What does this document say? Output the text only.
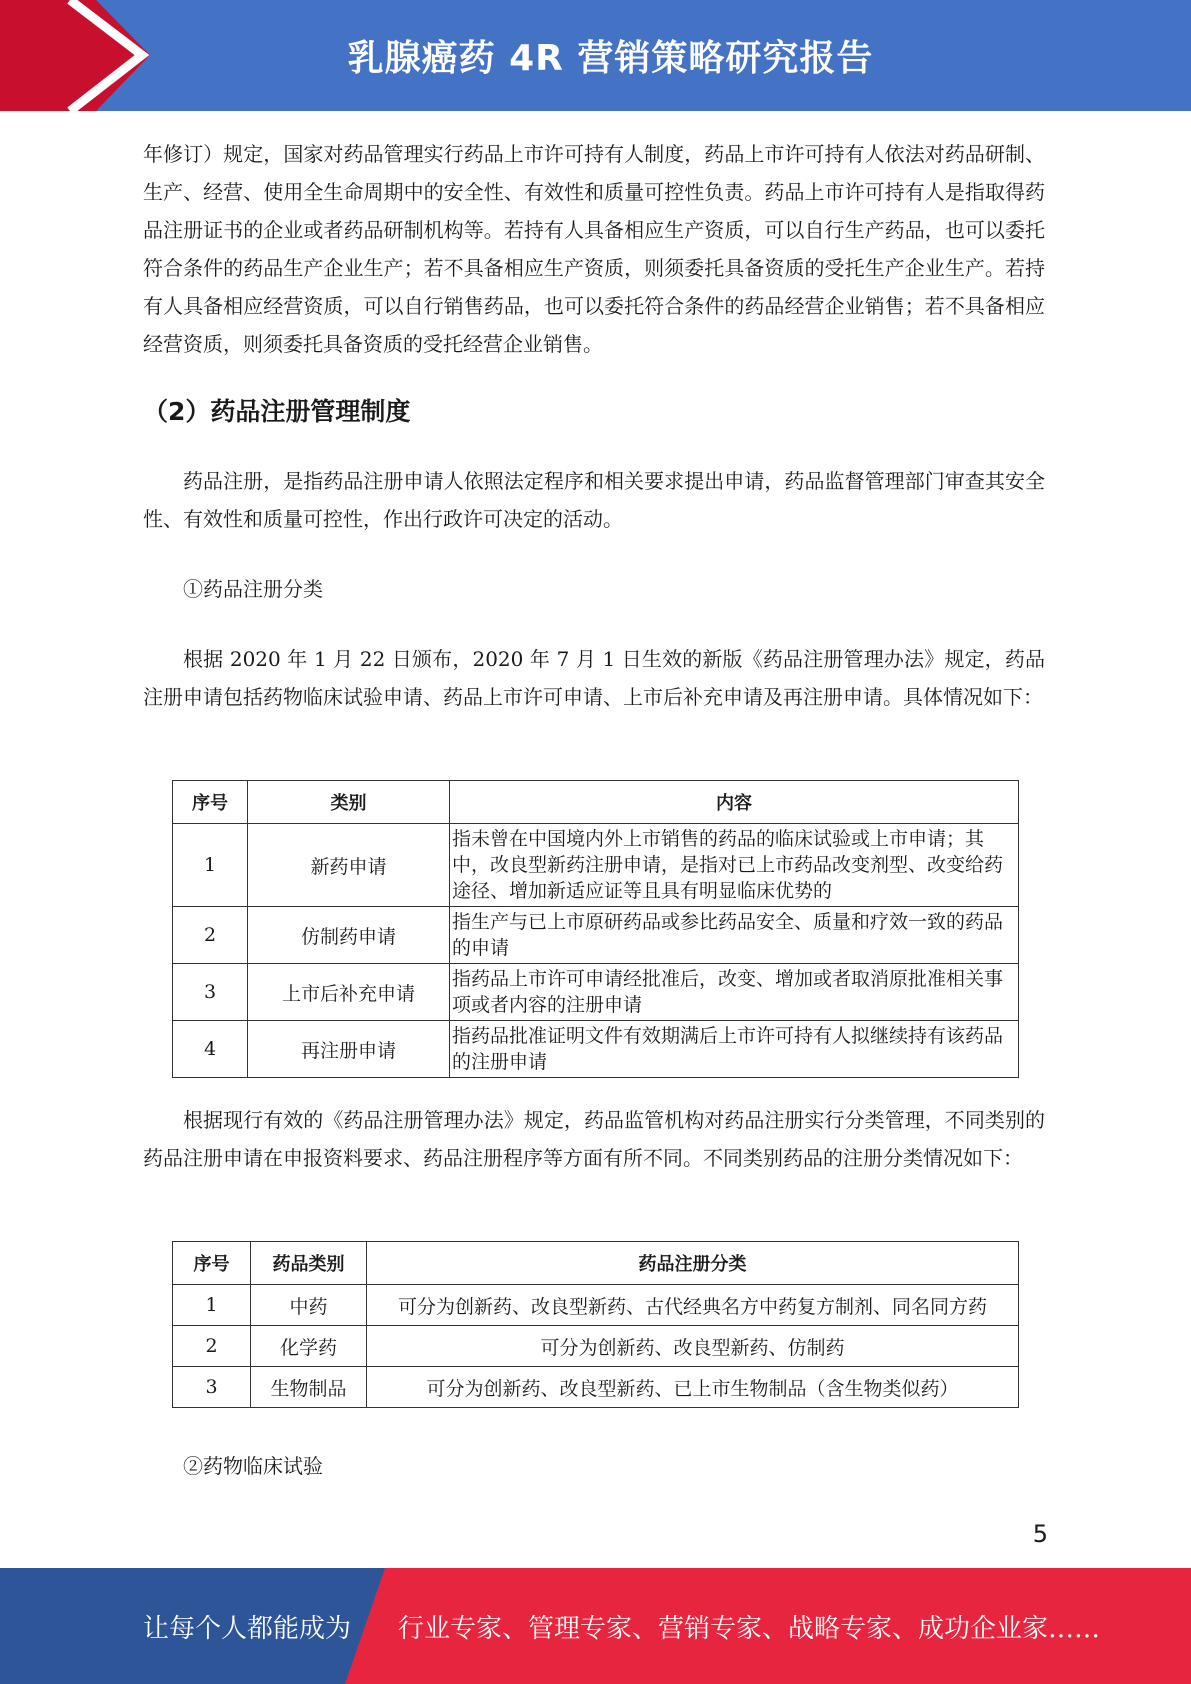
乳腺癌药 4R 营销策略研究报告

年修订）规定，国家对药品管理实行药品上市许可持有人制度，药品上市许可持有人依法对药品研制、生产、经营、使用全生命周期中的安全性、有效性和质量可控性负责。药品上市许可持有人是指取得药品注册证书的企业或者药品研制机构等。若持有人具备相应生产资质，可以自行生产药品，也可以委托符合条件的药品生产企业生产；若不具备相应生产资质，则须委托具备资质的受托生产企业生产。若持有人具备相应经营资质，可以自行销售药品，也可以委托符合条件的药品经营企业销售；若不具备相应经营资质，则须委托具备资质的受托经营企业销售。

（2）药品注册管理制度

药品注册，是指药品注册申请人依照法定程序和相关要求提出申请，药品监督管理部门审查其安全性、有效性和质量可控性，作出行政许可决定的活动。

①药品注册分类

根据 2020 年 1 月 22 日颁布，2020 年 7 月 1 日生效的新版《药品注册管理办法》规定，药品注册申请包括药物临床试验申请、药品上市许可申请、上市后补充申请及再注册申请。具体情况如下：

序号	类别	内容
1	新药申请	指未曾在中国境内外上市销售的药品的临床试验或上市申请；其中，改良型新药注册申请，是指对已上市药品改变剂型、改变给药途径、增加新适应证等且具有明显临床优势的
2	仿制药申请	指生产与已上市原研药品或参比药品安全、质量和疗效一致的药品的申请
3	上市后补充申请	指药品上市许可申请经批准后，改变、增加或者取消原批准相关事项或者内容的注册申请
4	再注册申请	指药品批准证明文件有效期满后上市许可持有人拟继续持有该药品的注册申请

根据现行有效的《药品注册管理办法》规定，药品监管机构对药品注册实行分类管理，不同类别的药品注册申请在申报资料要求、药品注册程序等方面有所不同。不同类别药品的注册分类情况如下：

序号	药品类别	药品注册分类
1	中药	可分为创新药、改良型新药、古代经典名方中药复方制剂、同名同方药
2	化学药	可分为创新药、改良型新药、仿制药
3	生物制品	可分为创新药、改良型新药、已上市生物制品（含生物类似药）

②药物临床试验

5
让每个人都能成为 行业专家、管理专家、营销专家、战略专家、成功企业家……
